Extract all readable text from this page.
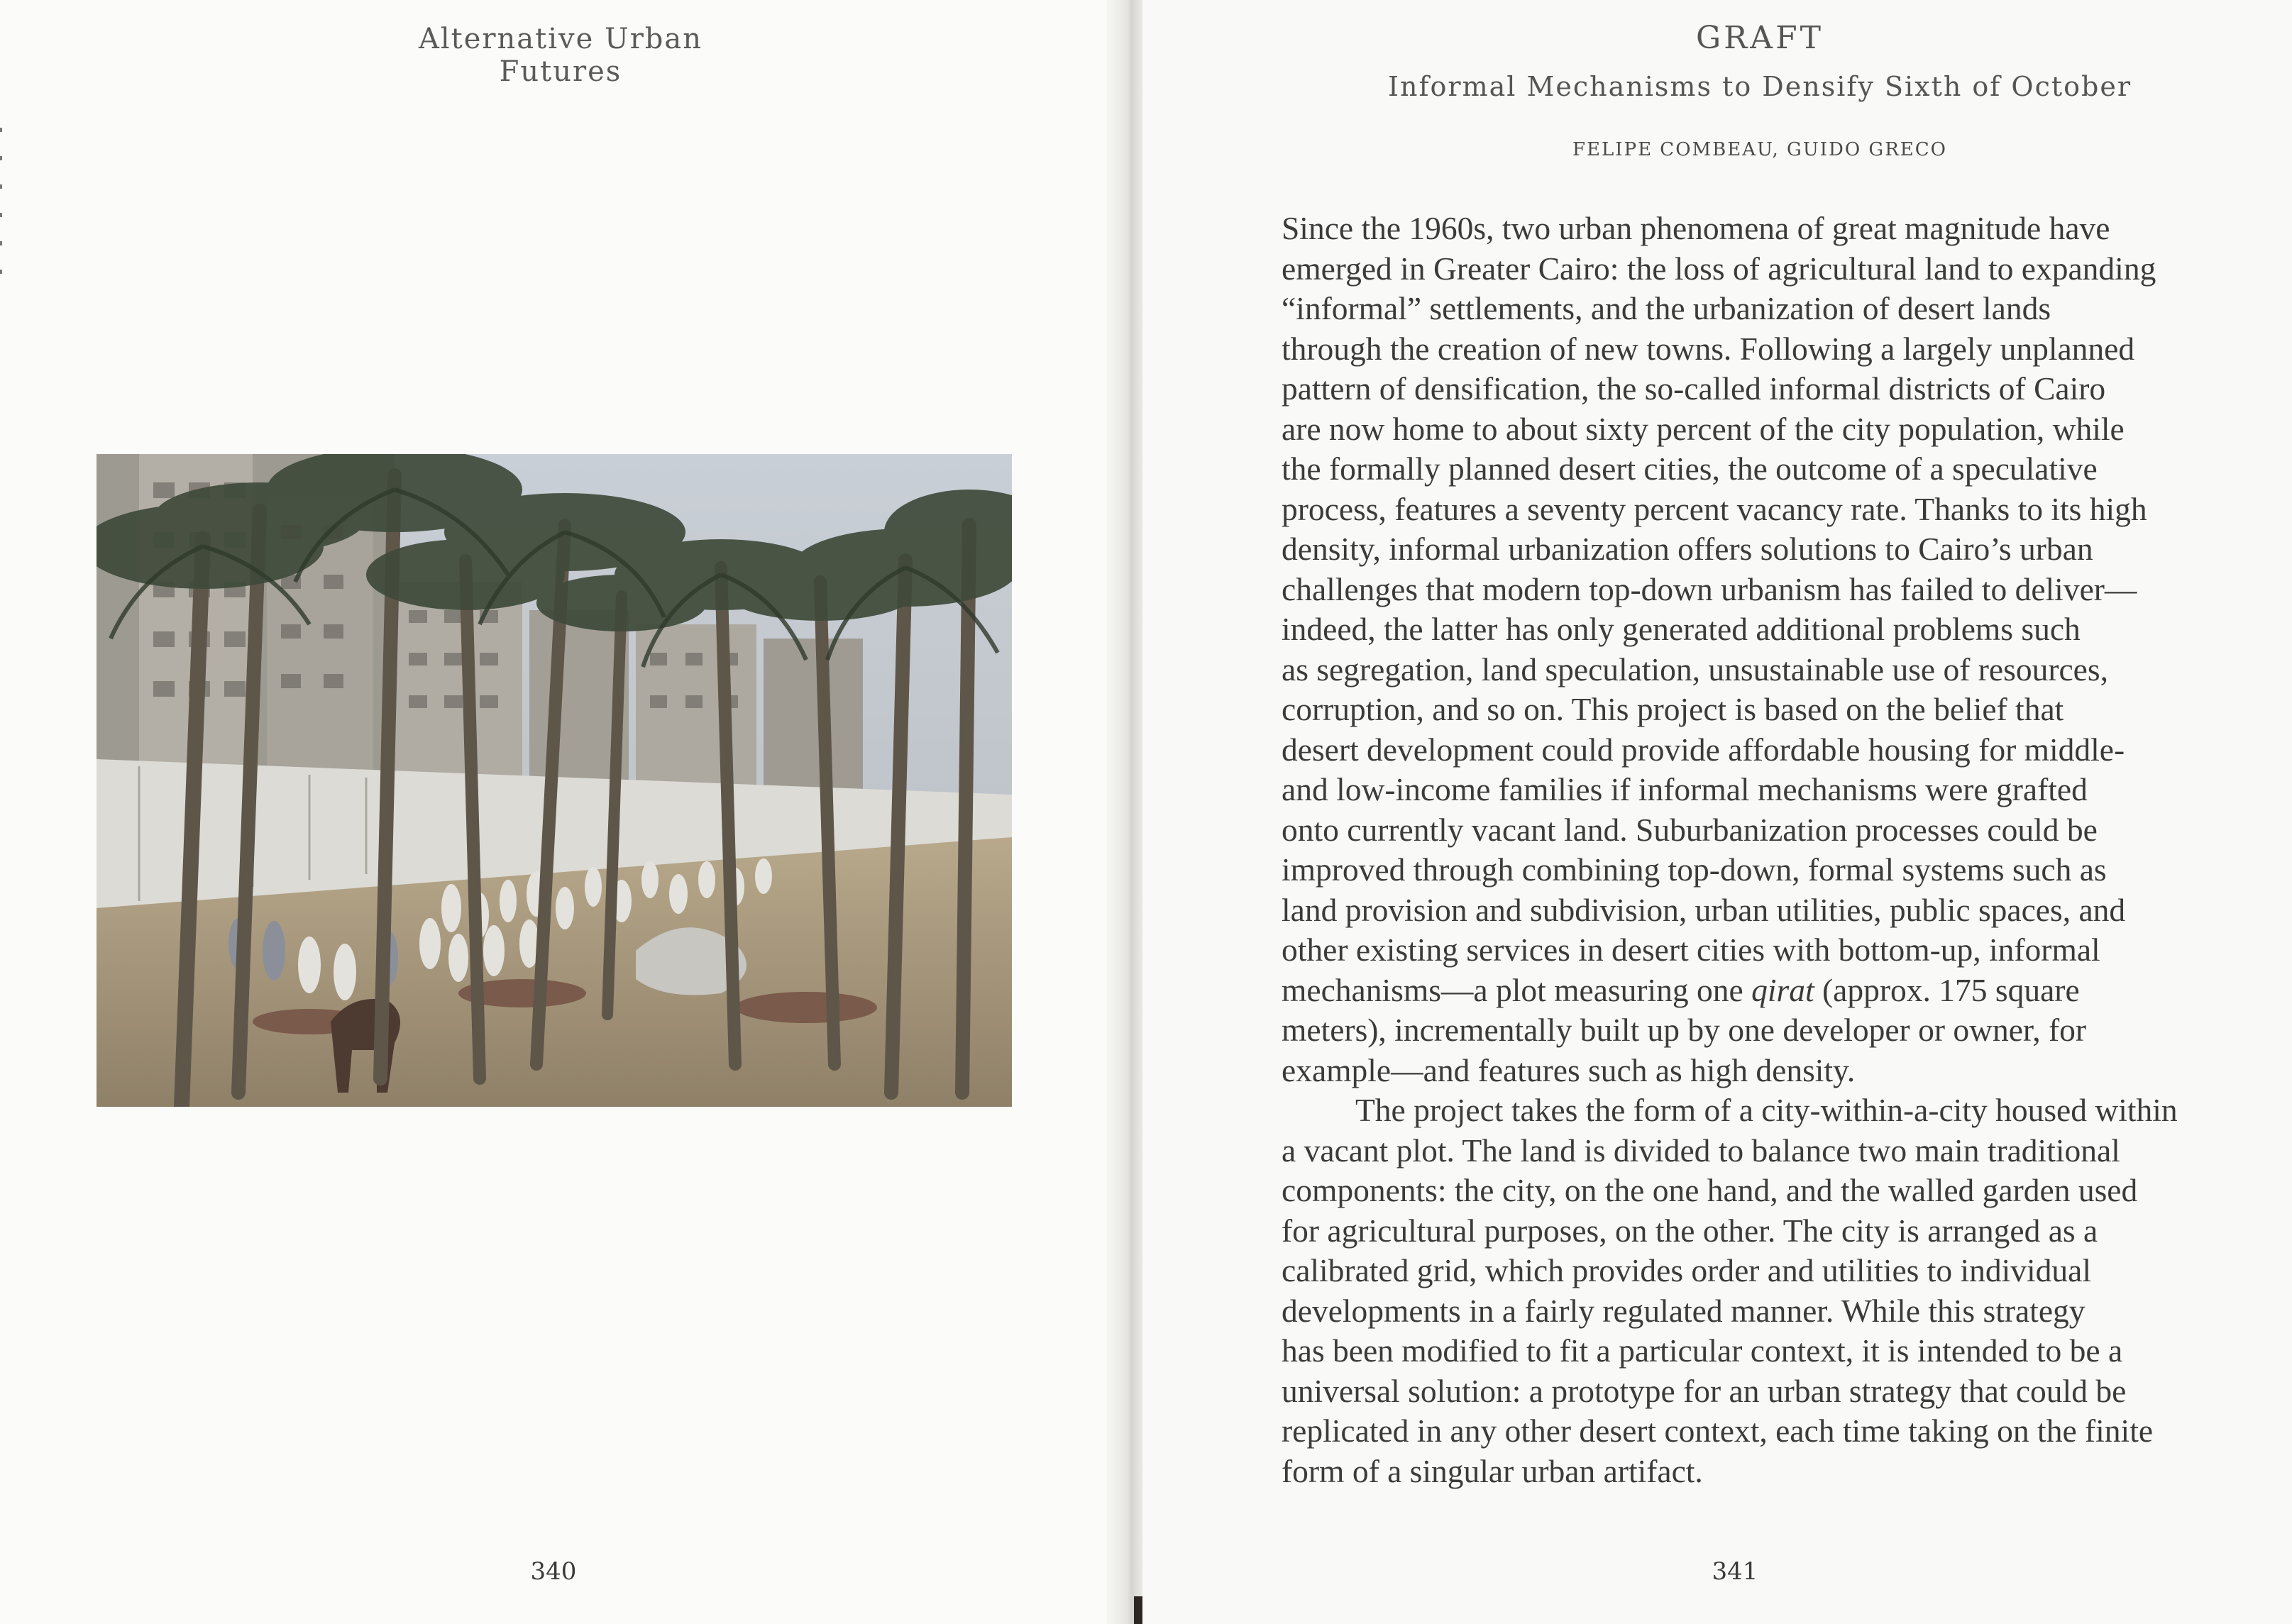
Alternative Urban Futures
340
GRAFT
Informal Mechanisms to Densify Sixth of October
FELIPE COMBEAU, GUIDO GRECO

Since the 1960s, two urban phenomena of great magnitude have
emerged in Greater Cairo: the loss of agricultural land to expanding
“informal” settlements, and the urbanization of desert lands
through the creation of new towns. Following a largely unplanned
pattern of densification, the so-called informal districts of Cairo
are now home to about sixty percent of the city population, while
the formally planned desert cities, the outcome of a speculative
process, features a seventy percent vacancy rate. Thanks to its high
density, informal urbanization offers solutions to Cairo’s urban
challenges that modern top-down urbanism has failed to deliver—
indeed, the latter has only generated additional problems such
as segregation, land speculation, unsustainable use of resources,
corruption, and so on. This project is based on the belief that
desert development could provide affordable housing for middle-
and low-income families if informal mechanisms were grafted
onto currently vacant land. Suburbanization processes could be
improved through combining top-down, formal systems such as
land provision and subdivision, urban utilities, public spaces, and
other existing services in desert cities with bottom-up, informal
mechanisms—a plot measuring one qirat (approx. 175 square
meters), incrementally built up by one developer or owner, for
example—and features such as high density.

The project takes the form of a city-within-a-city housed within
a vacant plot. The land is divided to balance two main traditional
components: the city, on the one hand, and the walled garden used
for agricultural purposes, on the other. The city is arranged as a
calibrated grid, which provides order and utilities to individual
developments in a fairly regulated manner. While this strategy
has been modified to fit a particular context, it is intended to be a
universal solution: a prototype for an urban strategy that could be
replicated in any other desert context, each time taking on the finite
form of a singular urban artifact.

341
